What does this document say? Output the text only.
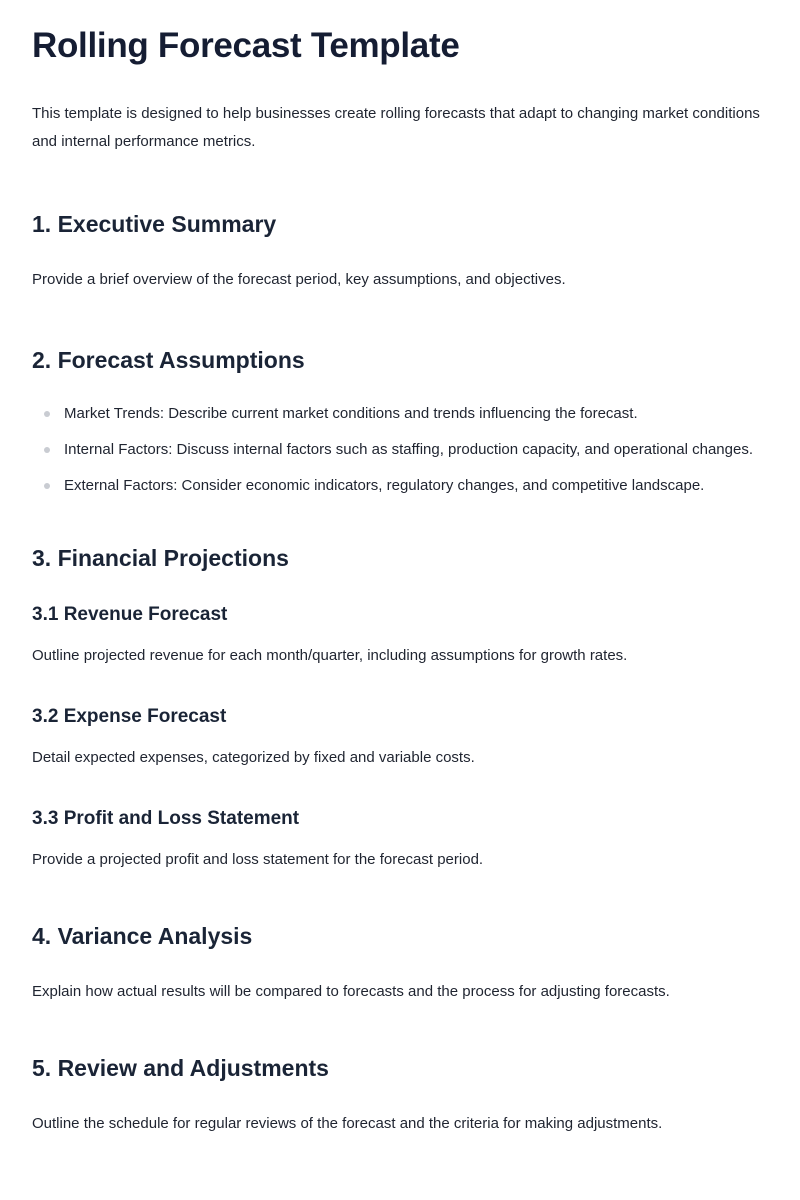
Rolling Forecast Template

This template is designed to help businesses create rolling forecasts that adapt to changing market conditions and internal performance metrics.

1. Executive Summary

Provide a brief overview of the forecast period, key assumptions, and objectives.

2. Forecast Assumptions
Market Trends: Describe current market conditions and trends influencing the forecast.
Internal Factors: Discuss internal factors such as staffing, production capacity, and operational changes.
External Factors: Consider economic indicators, regulatory changes, and competitive landscape.
3. Financial Projections
3.1 Revenue Forecast

Outline projected revenue for each month/quarter, including assumptions for growth rates.

3.2 Expense Forecast

Detail expected expenses, categorized by fixed and variable costs.

3.3 Profit and Loss Statement

Provide a projected profit and loss statement for the forecast period.

4. Variance Analysis

Explain how actual results will be compared to forecasts and the process for adjusting forecasts.

5. Review and Adjustments

Outline the schedule for regular reviews of the forecast and the criteria for making adjustments.
